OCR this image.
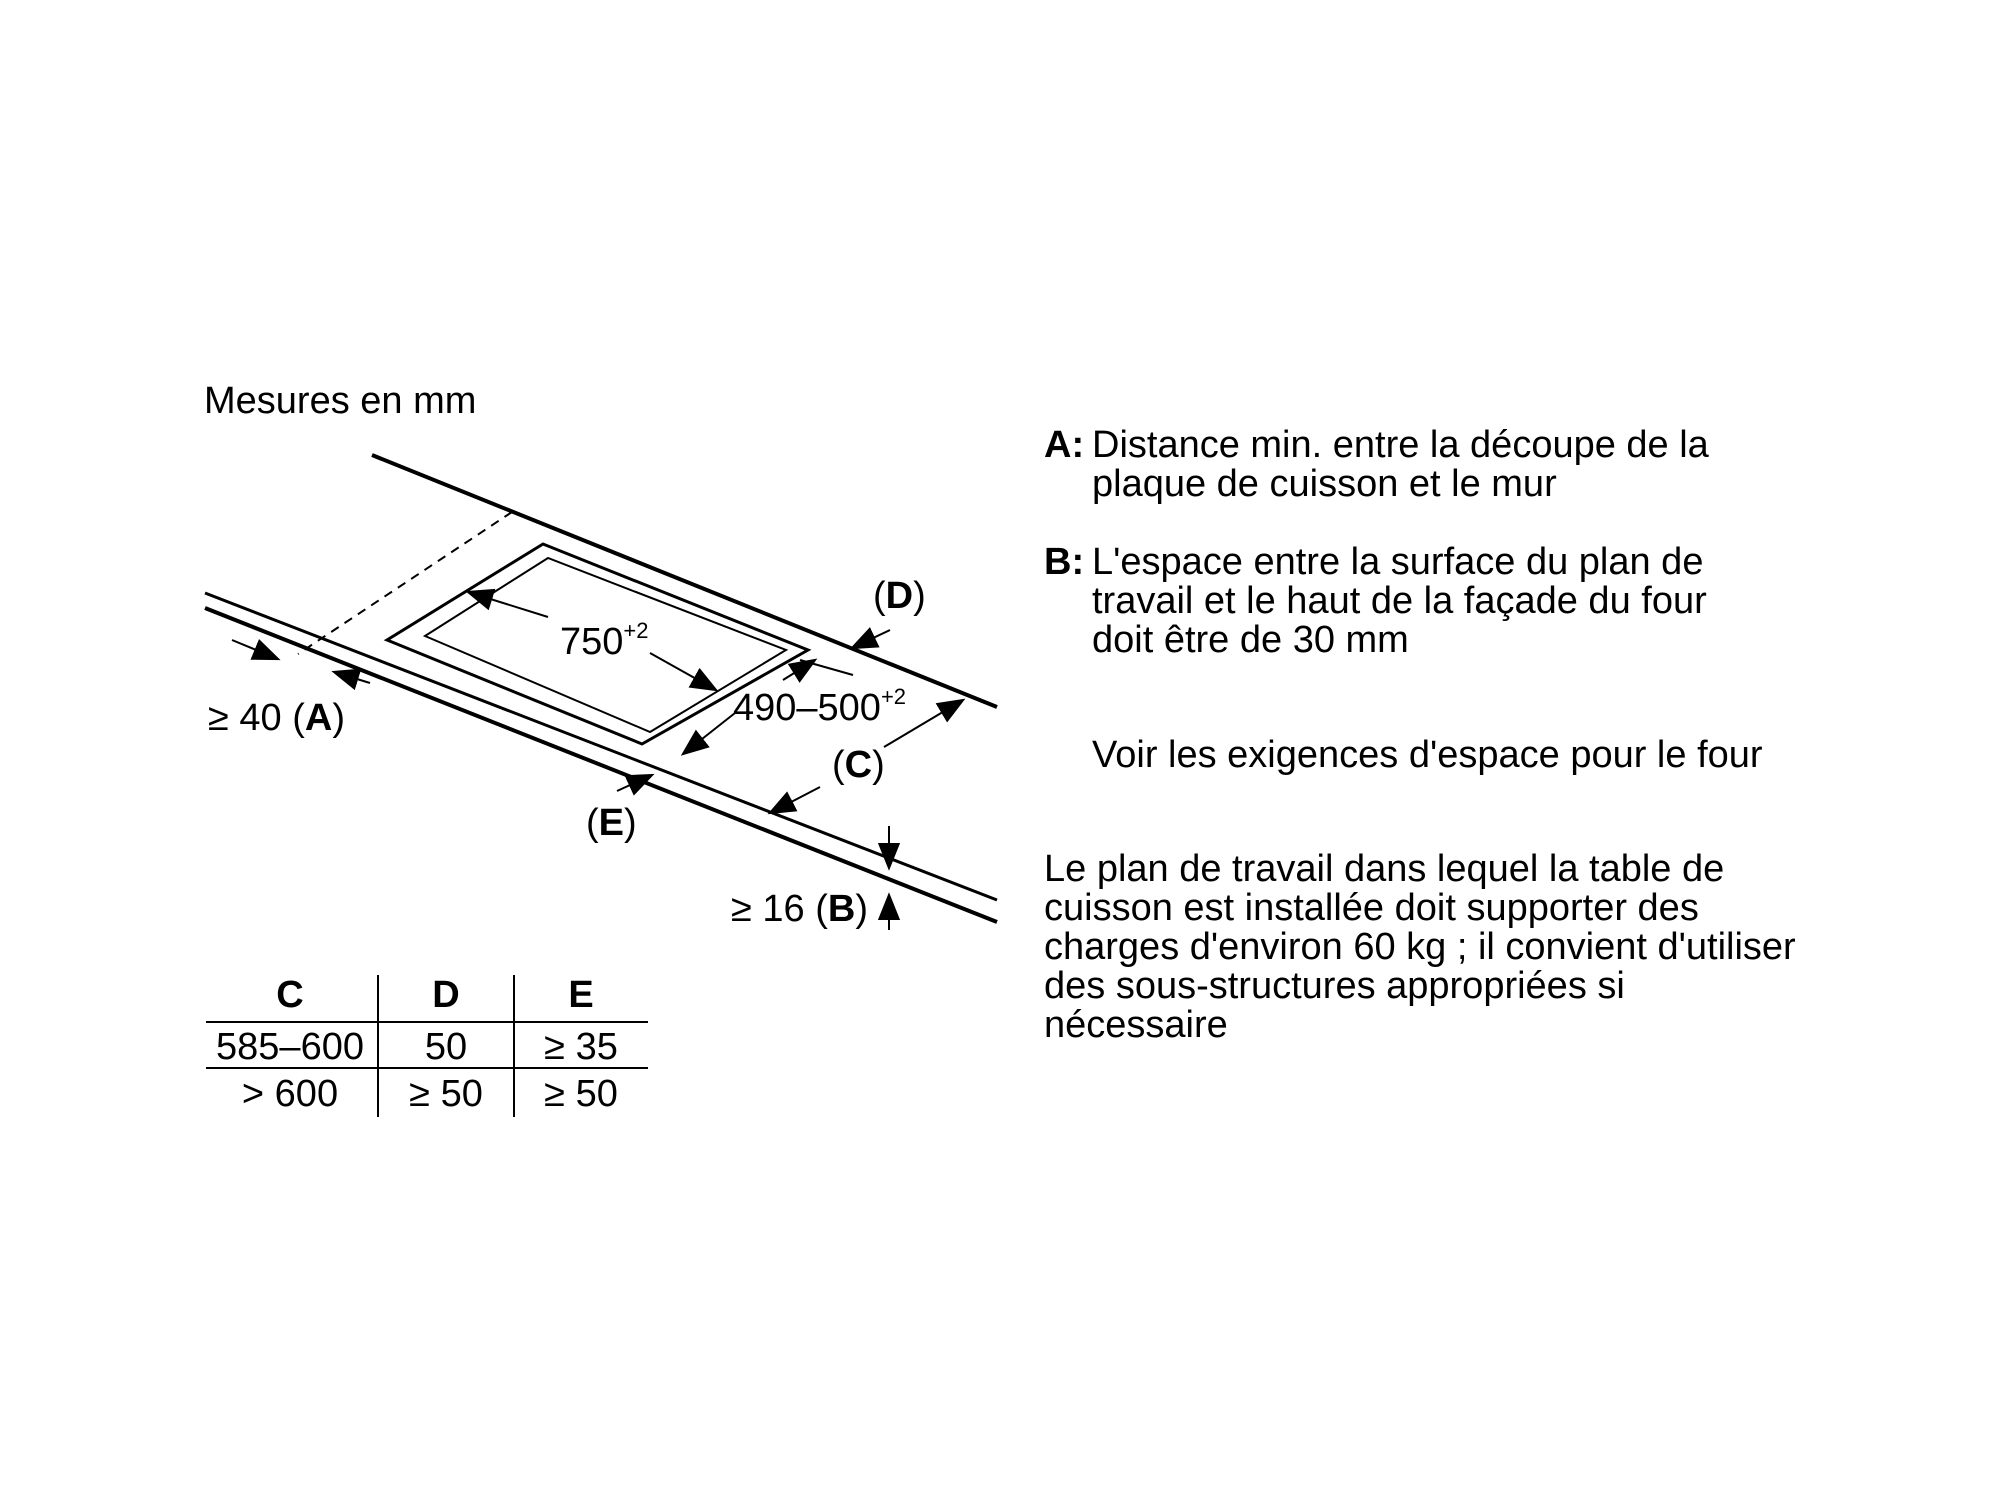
Mesures en mm
$750^{+2}$
$490-500^{+2}$
≥ 40 (A)
(D)
(C)
(E)
≥ 16 (B)
C	D	E
585–600 50 ≥ 35
> 600 ≥ 50 ≥ 50
A: Distance min. entre la découpe de la
plaque de cuisson et le mur
B: L'espace entre la surface du plan de
travail et le haut de la façade du four
doit être de 30 mm
Voir les exigences d'espace pour le four
Le plan de travail dans lequel la table de
cuisson est installée doit supporter des
charges d'environ 60 kg ; il convient d'utiliser
des sous-structures appropriées si
nécessaire
